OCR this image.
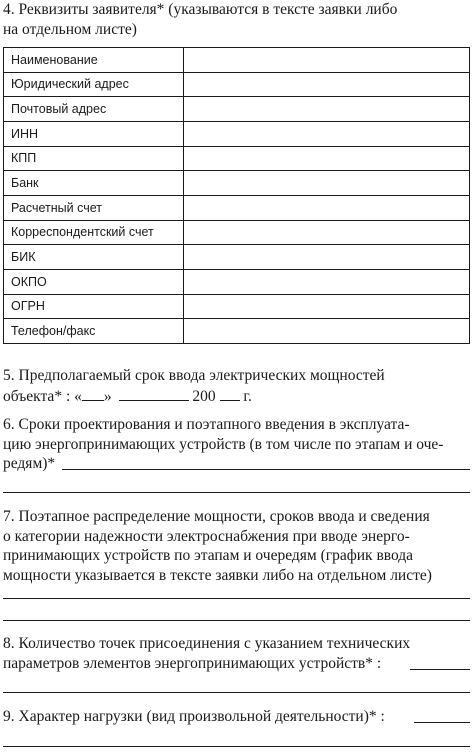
4. Реквизиты заявителя* (указываются в тексте заявки либо
на отдельном листе)
Наименование	
Юридический адрес	
Почтовый адрес	
ИНН	
КПП	
Банк	
Расчетный счет	
Корреспондентский счет	
БИК	
ОКПО	
ОГРН	
Телефон/факс	
5. Предполагаемый срок ввода электрических мощностей
объекта* : « »	200 г.
6. Сроки проектирования и поэтапного введения в эксплуата-
цию энергопринимающих устройств (в том числе по этапам и оче-
редям)*
7. Поэтапное распределение мощности, сроков ввода и сведения
о категории надежности электроснабжения при вводе энерго-
принимающих устройств по этапам и очередям (график ввода
мощности указывается в тексте заявки либо на отдельном листе)
8. Количество точек присоединения с указанием технических
параметров элементов энергопринимающих устройств* :
9. Характер нагрузки (вид произвольной деятельности)* :
